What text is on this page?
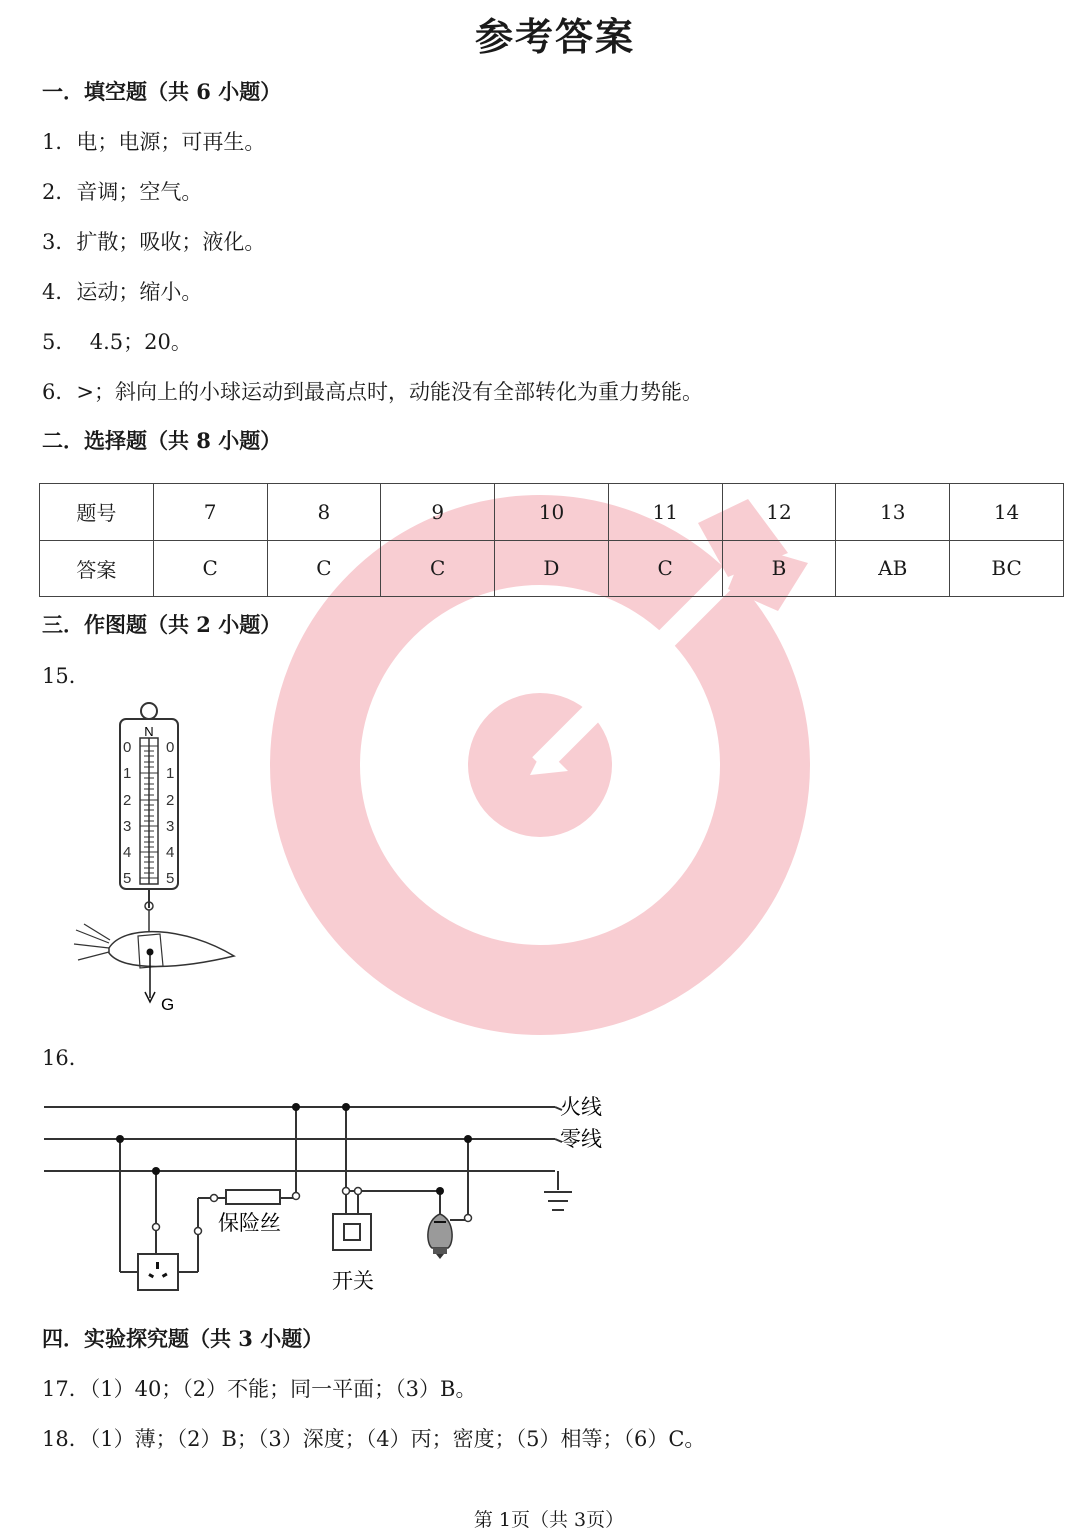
参考答案
一．填空题（共 6 小题）
1．电；电源；可再生。
2．音调；空气。
3．扩散；吸收；液化。
4．运动；缩小。
5．  4.5；20。
6．>；斜向上的小球运动到最高点时，动能没有全部转化为重力势能。
二．选择题（共 8 小题）
题号	7	8	9	10	11	12	13	14
答案	C	C	C	D	C	B	AB	BC
三．作图题（共 2 小题）
15．
N
0
1
2
3
4
5
0
1
2
3
4
5
G
16．
火线
零线
保险丝
开关
四．实验探究题（共 3 小题）
17．（1）40；（2）不能；同一平面；（3）B。
18．（1）薄；（2）B；（3）深度；（4）丙；密度；（5）相等；（6）C。
第 1页（共 3页）
